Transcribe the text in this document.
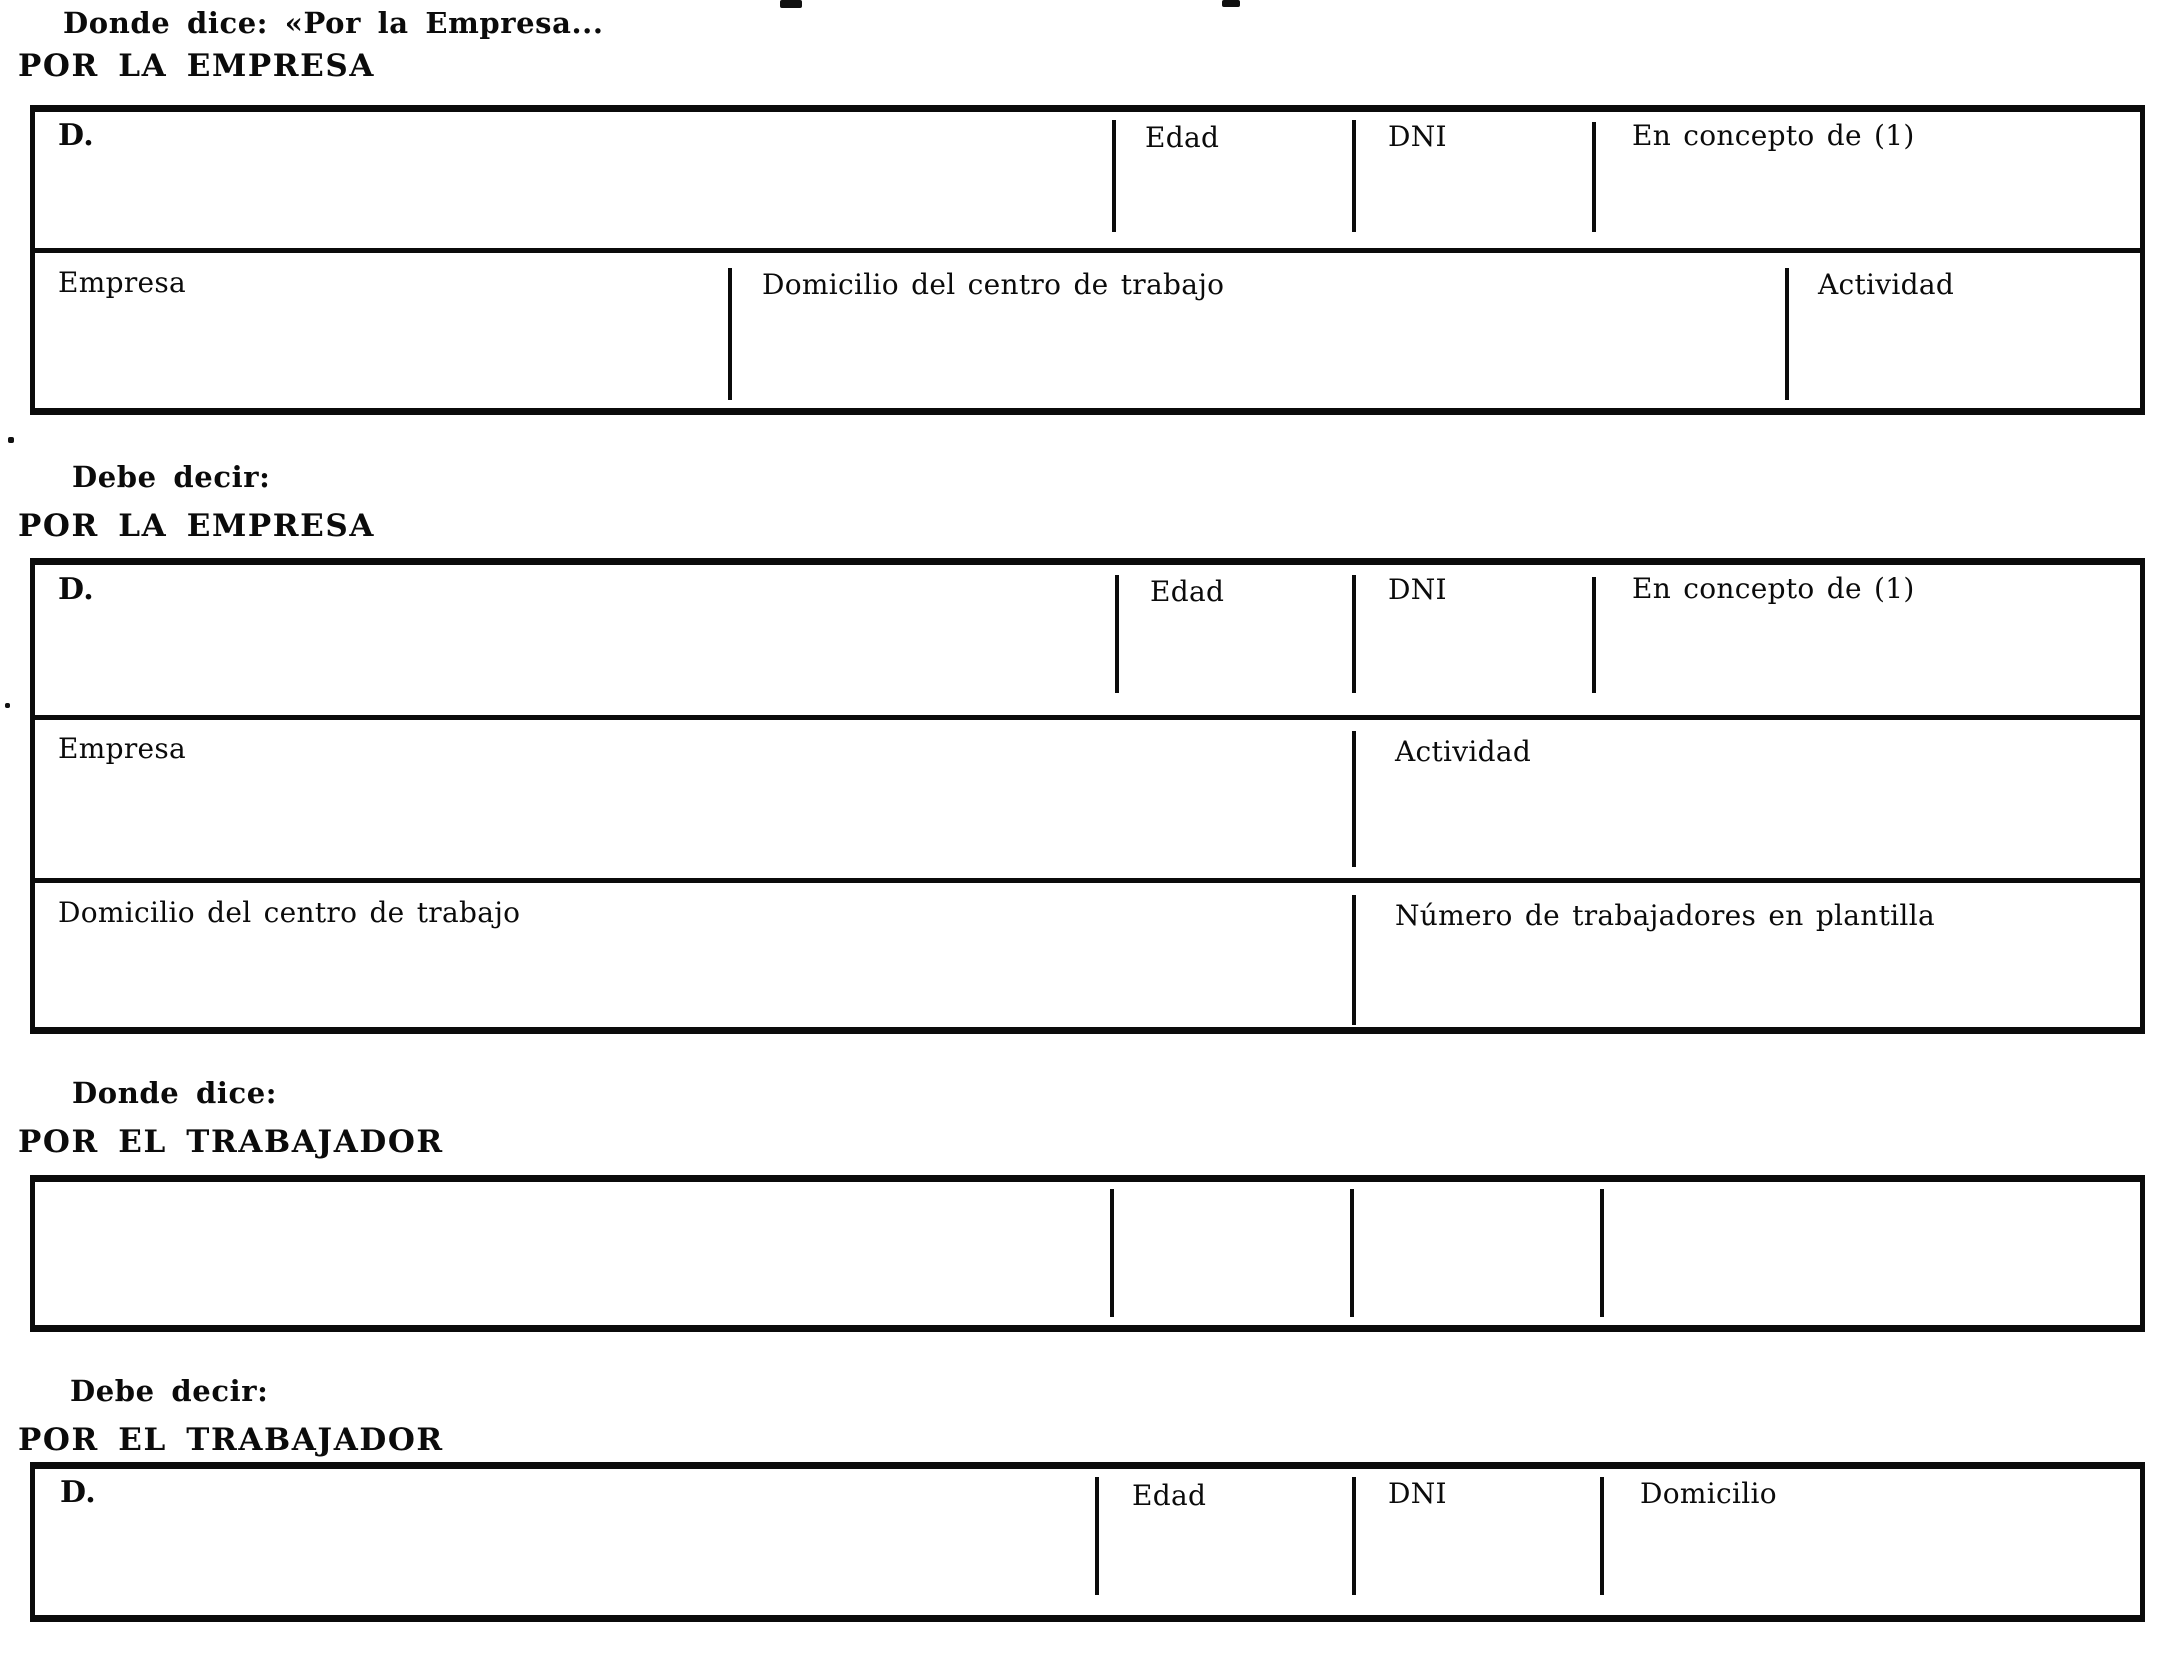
Donde dice: «Por la Empresa...
POR LA EMPRESA
D.	Edad	DNI	En concepto de (1)
Empresa	Domicilio del centro de trabajo	Actividad
Debe decir:
POR LA EMPRESA
D.	Edad	DNI	En concepto de (1)
Empresa	Actividad
Domicilio del centro de trabajo	Número de trabajadores en plantilla
Donde dice:
POR EL TRABAJADOR
Debe decir:
POR EL TRABAJADOR
D.	Edad	DNI	Domicilio
